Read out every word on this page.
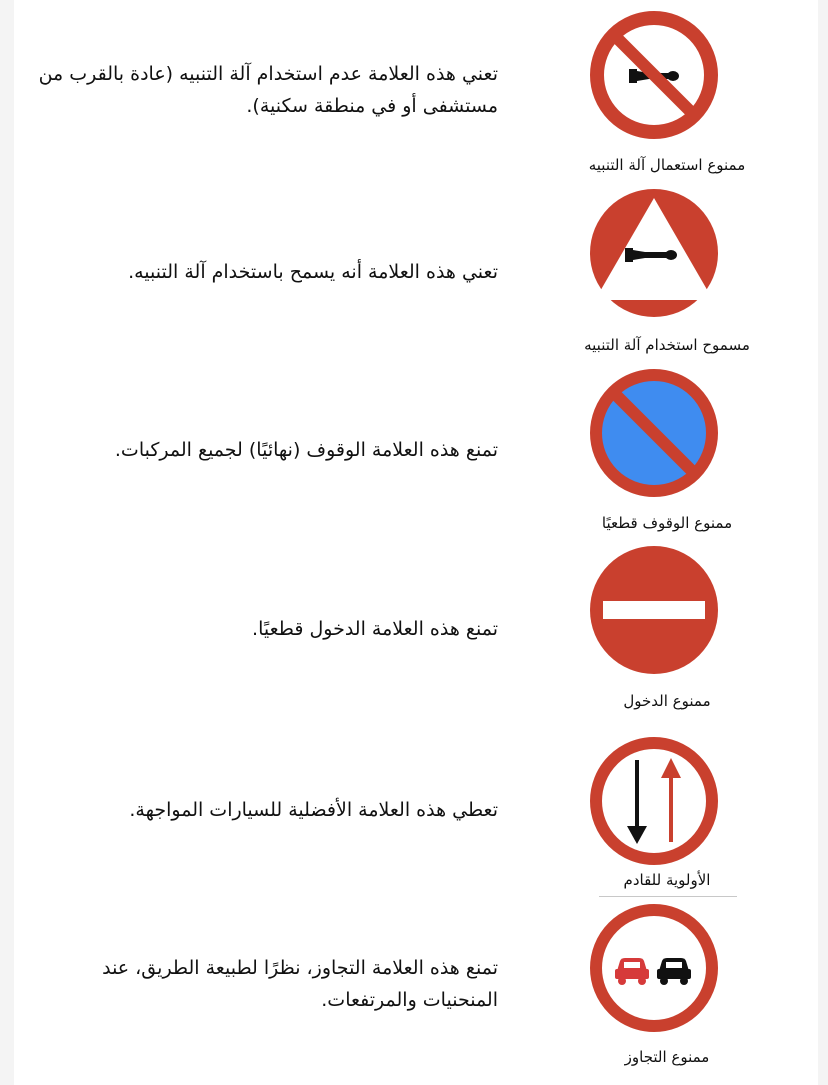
ممنوع استعمال آلة التنبيه
تعني هذه العلامة عدم استخدام آلة التنبيه (عادة بالقرب من مستشفى أو في منطقة سكنية).
مسموح استخدام آلة التنبيه
تعني هذه العلامة أنه يسمح باستخدام آلة التنبيه.
ممنوع الوقوف قطعيًا
تمنع هذه العلامة الوقوف (نهائيًا) لجميع المركبات.
ممنوع الدخول
تمنع هذه العلامة الدخول قطعيًا.
الأولوية للقادم
تعطي هذه العلامة الأفضلية للسيارات المواجهة.
ممنوع التجاوز
تمنع هذه العلامة التجاوز، نظرًا لطبيعة الطريق، عند المنحنيات والمرتفعات.
